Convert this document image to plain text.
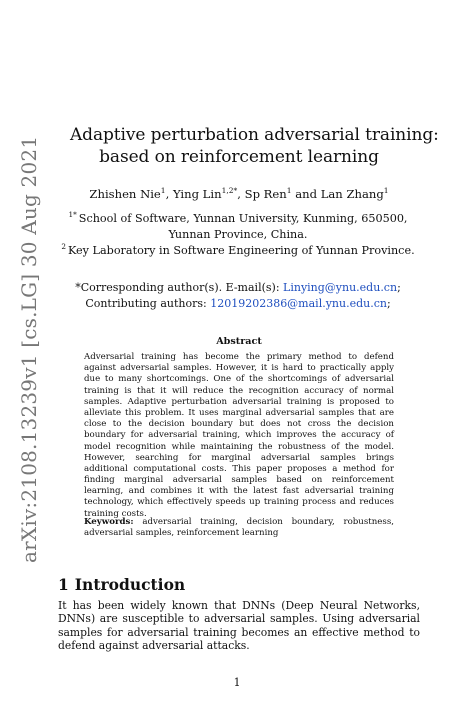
arXiv:2108.13239v1 [cs.LG] 30 Aug 2021
Adaptive perturbation adversarial training:
based on reinforcement learning
Zhishen Nie$^1$, Ying Lin$^{1,2*}$, Sp Ren$^1$ and Lan Zhang$^1$
$^{1*}$ School of Software, Yunnan University, Kunming, 650500,
Yunnan Province, China.
$^2$ Key Laboratory in Software Engineering of Yunnan Province.
*Corresponding author(s). E-mail(s): Linying@ynu.edu.cn;
Contributing authors: 12019202386@mail.ynu.edu.cn;
Abstract
Adversarial training has become the primary method to defend against adversarial samples. However, it is hard to practically apply due to many shortcomings. One of the shortcomings of adversarial training is that it will reduce the recognition accuracy of normal samples. Adaptive perturbation adversarial training is proposed to alleviate this problem. It uses marginal adversarial samples that are close to the decision boundary but does not cross the decision boundary for adversarial training, which improves the accuracy of model recognition while maintaining the robustness of the model. However, searching for marginal adversarial samples brings additional computational costs. This paper proposes a method for finding marginal adversarial samples based on reinforcement learning, and combines it with the latest fast adversarial training technology, which effectively speeds up training process and reduces training costs.
Keywords: adversarial training, decision boundary, robustness, adversarial samples, reinforcement learning
1 Introduction
It has been widely known that DNNs (Deep Neural Networks, DNNs) are susceptible to adversarial samples. Using adversarial samples for adversarial training becomes an effective method to defend against adversarial attacks.
1
